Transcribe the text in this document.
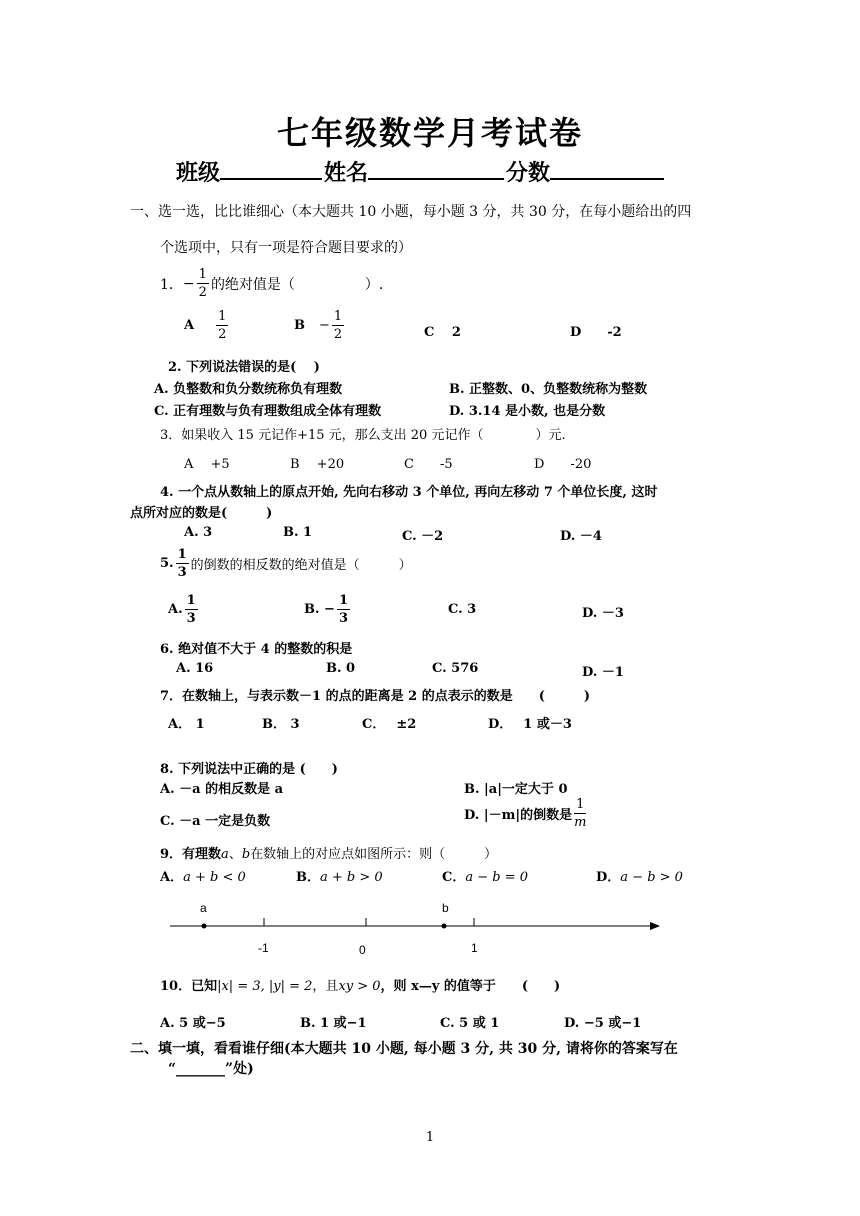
七年级数学月考试卷
班级	姓名	分数
一、选一选，比比谁细心（本大题共 10 小题，每小题 3 分，共 30 分，在每小题给出的四
个选项中，只有一项是符合题目要求的）
1． − $\frac{1}{2}$ 的绝对值是（　　　　　）.
A $\frac{1}{2}$	$B - \frac{1}{2}$	C　 2	D　　-2
2. 下列说法错误的是(　 )
A. 负整数和负分数统称负有理数	B. 正整数、0、负整数统称为整数
C. 正有理数与负有理数组成全体有理数	D. 3.14 是小数, 也是分数
3．如果收入 15 元记作+15 元，那么支出 20 元记作（　　　　）元.
A　 +5	B　 +20	C　　-5	D　　-20
4. 一个点从数轴上的原点开始, 先向右移动 3 个单位, 再向左移动 7 个单位长度, 这时
点所对应的数是(　　　)
A. 3	B. 1	C. －2	D. －4
5. $\frac{1}{3}$ 的倒数的相反数的绝对值是（　　　）
A. $\frac{1}{3}$	B. − $\frac{1}{3}$	C. 3	D. －3
6. 绝对值不大于 4 的整数的积是
A. 16	B. 0	C. 576	D. －1
7．在数轴上，与表示数－1 的点的距离是 2 的点表示的数是　　(　　　)
A． 1	B． 3	C．　 ±2	D．　 1 或－3
8. 下列说法中正确的是 (　　)
A. －a 的相反数是 a	B. |a|一定大于 0
C. －a 一定是负数	D. |－m|的倒数是 $\frac{1}{m}$
9．有理数a、b在数轴上的对应点如图所示：则（　　　）
A．a + b < 0	B．a + b > 0	C．a − b = 0	D．a − b > 0
a	b
-1	0	1
10．已知|x| = 3, |y| = 2，且xy > 0，则 x—y 的值等于　　(　　)
A. 5 或−5	B. 1 或−1	C. 5 或 1	D. −5 或−1
二、填一填，看看谁仔细(本大题共 10 小题, 每小题 3 分, 共 30 分, 请将你的答案写在
“_______”处)
1
